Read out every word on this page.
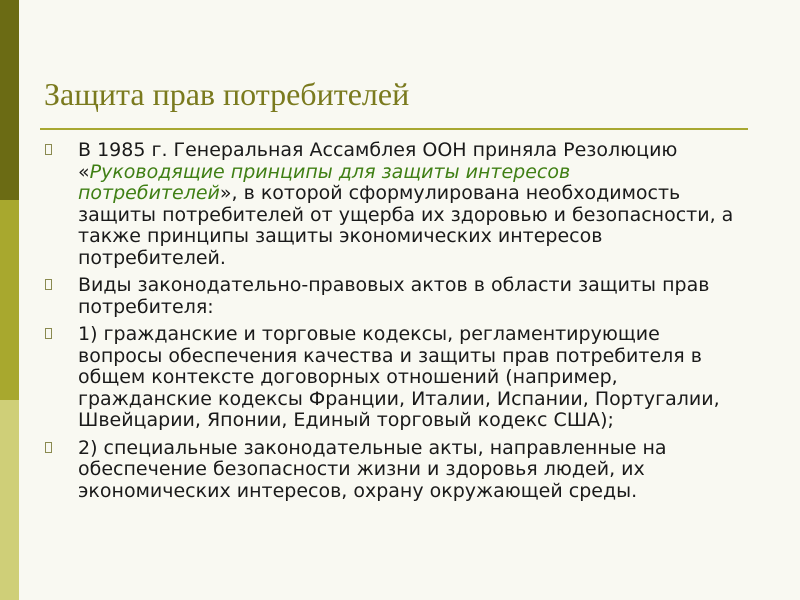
Защита прав потребителей
В 1985 г. Генеральная Ассамблея ООН приняла Резолюцию «Руководящие принципы для защиты интересов потребителей», в которой сформулирована необходимость защиты потребителей от ущерба их здоровью и безопасности, а также принципы защиты экономических интересов потребителей.
Виды законодательно-правовых актов в области защиты прав потребителя:
1) гражданские и торговые кодексы, регламентирующие вопросы обеспечения качества и защиты прав потребителя в общем контексте договорных отношений (например, гражданские кодексы Франции, Италии, Испании, Португалии, Швейцарии, Японии, Единый торговый кодекс США);
2) специальные законодательные акты, направленные на обеспечение безопасности жизни и здоровья людей, их экономических интересов, охрану окружающей среды.
